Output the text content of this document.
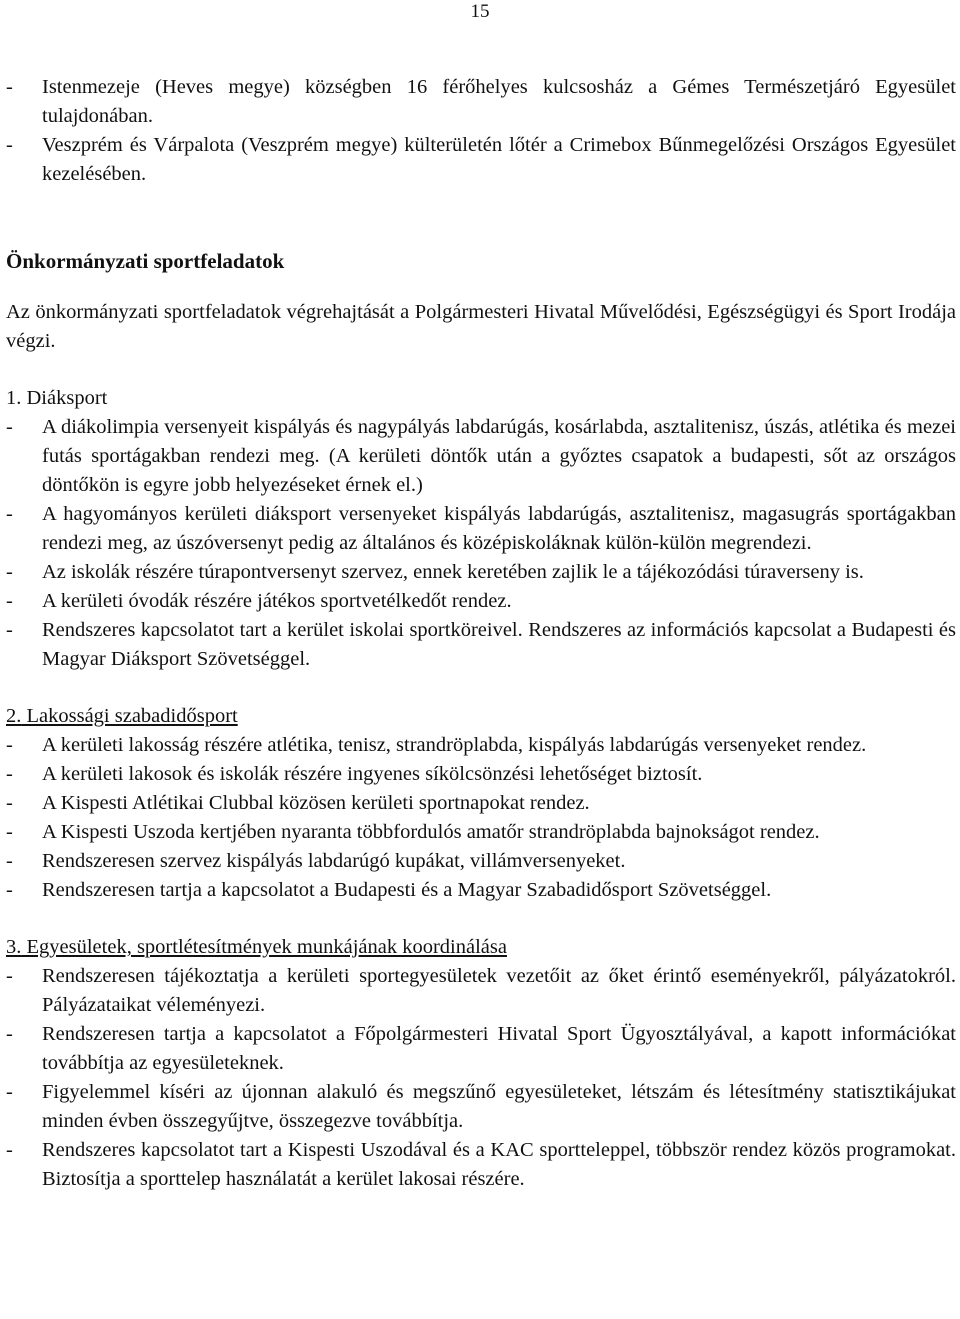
15
- Istenmezeje (Heves megye) községben 16 férőhelyes kulcsosház a Gémes Természetjáró Egyesület tulajdonában.
- Veszprém és Várpalota (Veszprém megye) külterületén lőtér a Crimebox Bűnmegelőzési Országos Egyesület kezelésében.
Önkormányzati sportfeladatok
Az önkormányzati sportfeladatok végrehajtását a Polgármesteri Hivatal Művelődési, Egészségügyi és Sport Irodája végzi.
1. Diáksport
- A diákolimpia versenyeit kispályás és nagypályás labdarúgás, kosárlabda, asztalitenisz, úszás, atlétika és mezei futás sportágakban rendezi meg. (A kerületi döntők után a győztes csapatok a budapesti, sőt az országos döntőkön is egyre jobb helyezéseket érnek el.)
- A hagyományos kerületi diáksport versenyeket kispályás labdarúgás, asztalitenisz, magasugrás sportágakban rendezi meg, az úszóversenyt pedig az általános és középiskoláknak külön-külön megrendezi.
- Az iskolák részére túrapontversenyt szervez, ennek keretében zajlik le a tájékozódási túraverseny is.
- A kerületi óvodák részére játékos sportvetélkedőt rendez.
- Rendszeres kapcsolatot tart a kerület iskolai sportköreivel. Rendszeres az információs kapcsolat a Budapesti és Magyar Diáksport Szövetséggel.
2. Lakossági szabadidősport
- A kerületi lakosság részére atlétika, tenisz, strandröplabda, kispályás labdarúgás versenyeket rendez.
- A kerületi lakosok és iskolák részére ingyenes síkölcsönzési lehetőséget biztosít.
- A Kispesti Atlétikai Clubbal közösen kerületi sportnapokat rendez.
- A Kispesti Uszoda kertjében nyaranta többfordulós amatőr strandröplabda bajnokságot rendez.
- Rendszeresen szervez kispályás labdarúgó kupákat, villámversenyeket.
- Rendszeresen tartja a kapcsolatot a Budapesti és a Magyar Szabadidősport Szövetséggel.
3. Egyesületek, sportlétesítmények munkájának koordinálása
- Rendszeresen tájékoztatja a kerületi sportegyesületek vezetőit az őket érintő eseményekről, pályázatokról. Pályázataikat véleményezi.
- Rendszeresen tartja a kapcsolatot a Főpolgármesteri Hivatal Sport Ügyosztályával, a kapott információkat továbbítja az egyesületeknek.
- Figyelemmel kíséri az újonnan alakuló és megszűnő egyesületeket, létszám és létesítmény statisztikájukat minden évben összegyűjtve, összegezve továbbítja.
- Rendszeres kapcsolatot tart a Kispesti Uszodával és a KAC sportteleppel, többször rendez közös programokat. Biztosítja a sporttelep használatát a kerület lakosai részére.
